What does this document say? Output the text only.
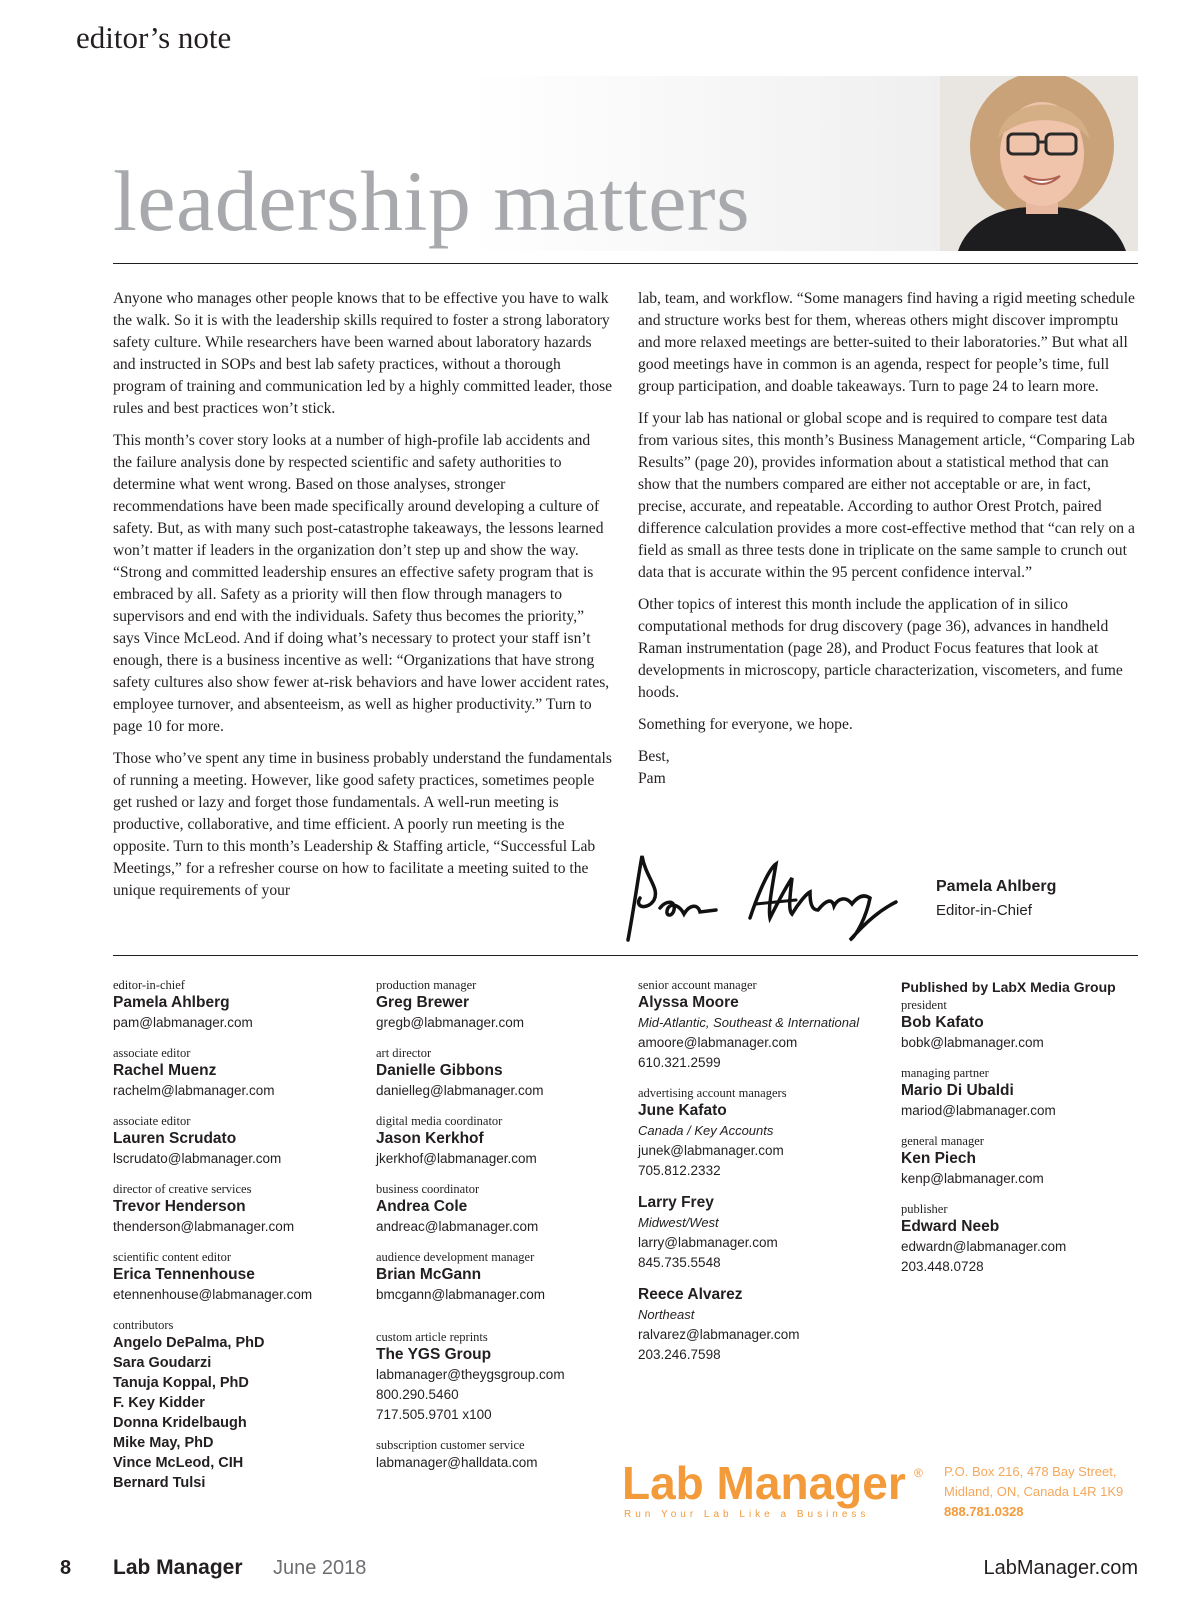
editor’s note
leadership matters

Anyone who manages other people knows that to be effective you have to walk the walk. So it is with the leadership skills required to foster a strong laboratory safety culture. While researchers have been warned about laboratory hazards and instructed in SOPs and best lab safety practices, without a thorough program of training and communication led by a highly committed leader, those rules and best practices won’t stick.

This month’s cover story looks at a number of high-profile lab accidents and the failure analysis done by respected scientific and safety authorities to determine what went wrong. Based on those analyses, stronger recommendations have been made specifically around developing a culture of safety. But, as with many such post-catastrophe takeaways, the lessons learned won’t matter if leaders in the organization don’t step up and show the way. “Strong and committed leadership ensures an effective safety program that is embraced by all. Safety as a priority will then flow through managers to supervisors and end with the individuals. Safety thus becomes the priority,” says Vince McLeod. And if doing what’s necessary to protect your staff isn’t enough, there is a business incentive as well: “Organizations that have strong safety cultures also show fewer at-risk behaviors and have lower accident rates, employee turnover, and absenteeism, as well as higher productivity.” Turn to page 10 for more.

Those who’ve spent any time in business probably understand the fundamentals of running a meeting. However, like good safety practices, sometimes people get rushed or lazy and forget those fundamentals. A well-run meeting is productive, collaborative, and time efficient. A poorly run meeting is the opposite. Turn to this month’s Leadership & Staffing article, “Successful Lab Meetings,” for a refresher course on how to facilitate a meeting suited to the unique requirements of your

lab, team, and workflow. “Some managers find having a rigid meeting schedule and structure works best for them, whereas others might discover impromptu and more relaxed meetings are better-suited to their laboratories.” But what all good meetings have in common is an agenda, respect for people’s time, full group participation, and doable takeaways. Turn to page 24 to learn more.

If your lab has national or global scope and is required to compare test data from various sites, this month’s Business Management article, “Comparing Lab Results” (page 20), provides information about a statistical method that can show that the numbers compared are either not acceptable or are, in fact, precise, accurate, and repeatable. According to author Orest Protch, paired difference calculation provides a more cost-effective method that “can rely on a field as small as three tests done in triplicate on the same sample to crunch out data that is accurate within the 95 percent confidence interval.”

Other topics of interest this month include the application of in silico computational methods for drug discovery (page 36), advances in handheld Raman instrumentation (page 28), and Product Focus features that look at developments in microscopy, particle characterization, viscometers, and fume hoods.

Something for everyone, we hope.

Best,

Pam

Pamela Ahlberg
Editor-in-Chief
editor-in-chief
Pamela Ahlberg
pam@labmanager.com
associate editor
Rachel Muenz
rachelm@labmanager.com
associate editor
Lauren Scrudato
lscrudato@labmanager.com
director of creative services
Trevor Henderson
thenderson@labmanager.com
scientific content editor
Erica Tennenhouse
etennenhouse@labmanager.com
contributors
Angelo DePalma, PhD
Sara Goudarzi
Tanuja Koppal, PhD
F. Key Kidder
Donna Kridelbaugh
Mike May, PhD
Vince McLeod, CIH
Bernard Tulsi
production manager
Greg Brewer
gregb@labmanager.com
art director
Danielle Gibbons
danielleg@labmanager.com
digital media coordinator
Jason Kerkhof
jkerkhof@labmanager.com
business coordinator
Andrea Cole
andreac@labmanager.com
audience development manager
Brian McGann
bmcgann@labmanager.com
custom article reprints
The YGS Group
labmanager@theygsgroup.com
800.290.5460
717.505.9701 x100
subscription customer service
labmanager@halldata.com
senior account manager
Alyssa Moore
Mid-Atlantic, Southeast & International
amoore@labmanager.com
610.321.2599
advertising account managers
June Kafato
Canada / Key Accounts
junek@labmanager.com
705.812.2332
Larry Frey
Midwest/West
larry@labmanager.com
845.735.5548
Reece Alvarez
Northeast
ralvarez@labmanager.com
203.246.7598
Published by LabX Media Group
president
Bob Kafato
bobk@labmanager.com
managing partner
Mario Di Ubaldi
mariod@labmanager.com
general manager
Ken Piech
kenp@labmanager.com
publisher
Edward Neeb
edwardn@labmanager.com
203.448.0728
Lab Manager ®
Run Your Lab Like a Business
P.O. Box 216, 478 Bay Street,
Midland, ON, Canada L4R 1K9
888.781.0328
8 Lab Manager June 2018	LabManager.com
